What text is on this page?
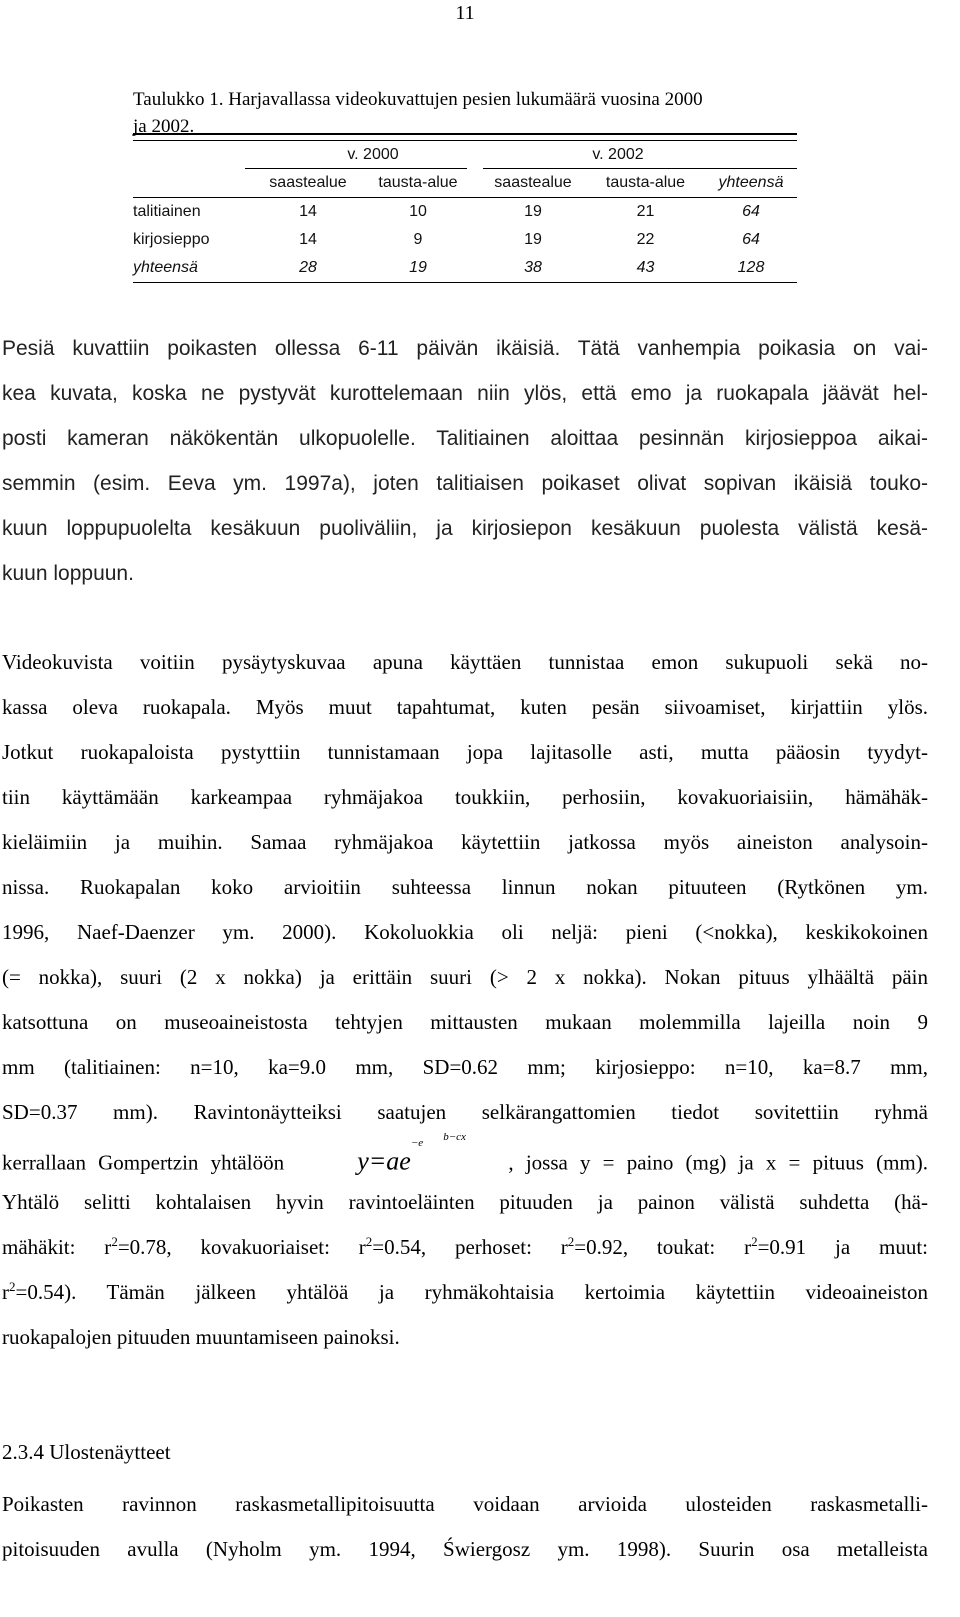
11
Taulukko 1. Harjavallassa videokuvattujen pesien lukumäärä vuosina 2000
ja 2002.
v. 2000	v. 2002
saastealue	tausta-alue	saastealue	tausta-alue	yhteensä
talitiainen	14	10	19	21	64
kirjosieppo	14	9	19	22	64
yhteensä	28	19	38	43	128
Pesiä kuvattiin poikasten ollessa 6-11 päivän ikäisiä. Tätä vanhempia poikasia on vai-
kea kuvata, koska ne pystyvät kurottelemaan niin ylös, että emo ja ruokapala jäävät hel-
posti kameran näkökentän ulkopuolelle. Talitiainen aloittaa pesinnän kirjosieppoa aikai-
semmin (esim. Eeva ym. 1997a), joten talitiaisen poikaset olivat sopivan ikäisiä touko-
kuun loppupuolelta kesäkuun puoliväliin, ja kirjosiepon kesäkuun puolesta välistä kesä-
kuun loppuun.
Videokuvista voitiin pysäytyskuvaa apuna käyttäen tunnistaa emon sukupuoli sekä no-
kassa oleva ruokapala. Myös muut tapahtumat, kuten pesän siivoamiset, kirjattiin ylös.
Jotkut ruokapaloista pystyttiin tunnistamaan jopa lajitasolle asti, mutta pääosin tyydyt-
tiin käyttämään karkeampaa ryhmäjakoa toukkiin, perhosiin, kovakuoriaisiin, hämähäk-
kieläimiin ja muihin. Samaa ryhmäjakoa käytettiin jatkossa myös aineiston analysoin-
nissa. Ruokapalan koko arvioitiin suhteessa linnun nokan pituuteen (Rytkönen ym.
1996, Naef-Daenzer ym. 2000). Kokoluokkia oli neljä: pieni (<nokka), keskikokoinen
(= nokka), suuri (2 x nokka) ja erittäin suuri (> 2 x nokka). Nokan pituus ylhäältä päin
katsottuna on museoaineistosta tehtyjen mittausten mukaan molemmilla lajeilla noin 9
mm (talitiainen: n=10, ka=9.0 mm, SD=0.62 mm; kirjosieppo: n=10, ka=8.7 mm,
SD=0.37 mm). Ravintonäytteiksi saatujen selkärangattomien tiedot sovitettiin ryhmä
kerrallaan Gompertzin yhtälöön	$y=ae^{-e}$ b−cx
, jossa y = paino (mg) ja x = pituus (mm).
Yhtälö selitti kohtalaisen hyvin ravintoeläinten pituuden ja painon välistä suhdetta (hä-
mähäkit: $r^2=0.78$, kovakuoriaiset: $r^2=0.54$, perhoset: $r^2=0.92$, toukat: $r^2=0.91$ ja muut:
$r^2=0.54$). Tämän jälkeen yhtälöä ja ryhmäkohtaisia kertoimia käytettiin videoaineiston
ruokapalojen pituuden muuntamiseen painoksi.
2.3.4 Ulostenäytteet
Poikasten ravinnon raskasmetallipitoisuutta voidaan arvioida ulosteiden raskasmetalli-
pitoisuuden avulla (Nyholm ym. 1994, Świergosz ym. 1998). Suurin osa metalleista
